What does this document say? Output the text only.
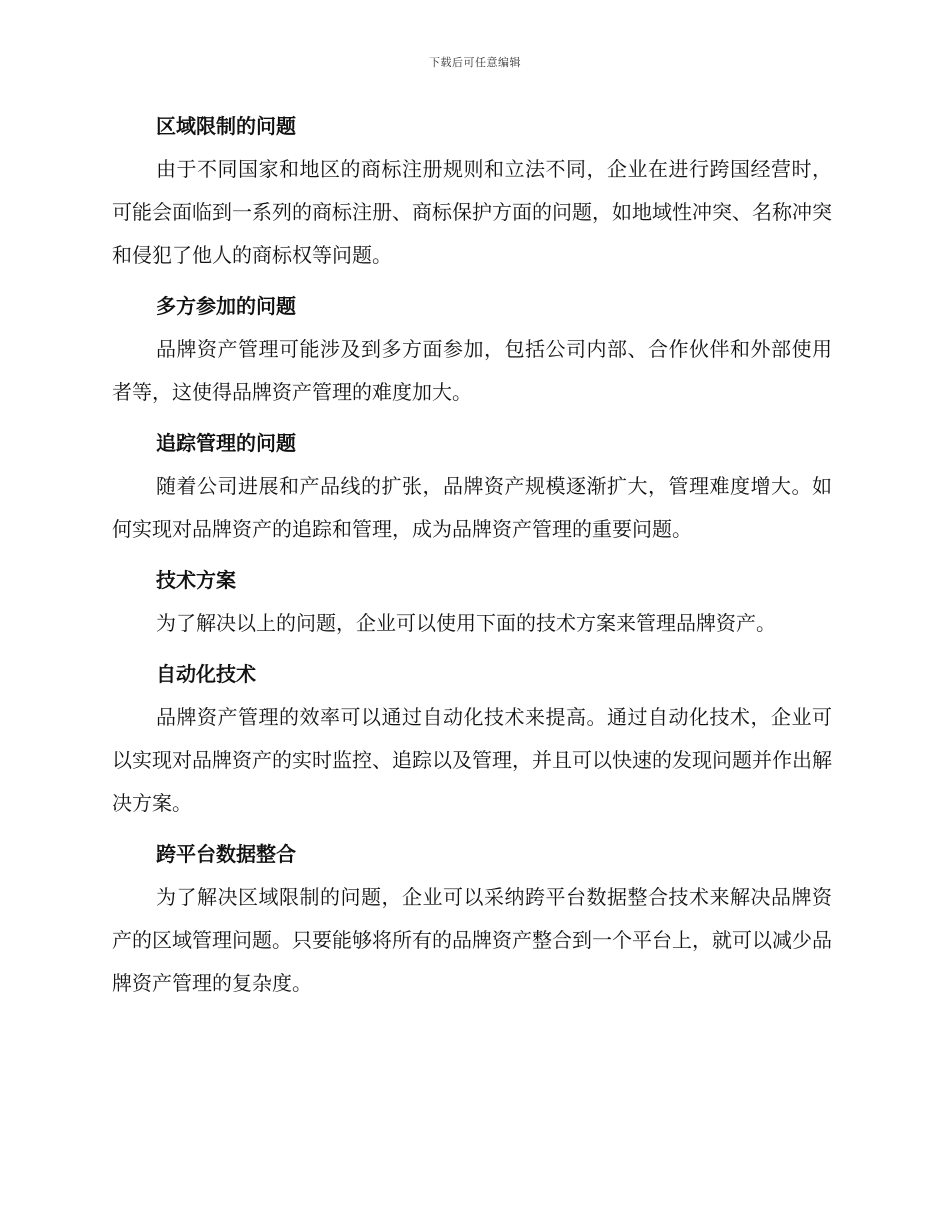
下载后可任意编辑
区域限制的问题

由于不同国家和地区的商标注册规则和立法不同，企业在进行跨国经营时，可能会面临到一系列的商标注册、商标保护方面的问题，如地域性冲突、名称冲突和侵犯了他人的商标权等问题。

多方参加的问题

品牌资产管理可能涉及到多方面参加，包括公司内部、合作伙伴和外部使用者等，这使得品牌资产管理的难度加大。

追踪管理的问题

随着公司进展和产品线的扩张，品牌资产规模逐渐扩大，管理难度增大。如何实现对品牌资产的追踪和管理，成为品牌资产管理的重要问题。

技术方案

为了解决以上的问题，企业可以使用下面的技术方案来管理品牌资产。

自动化技术

品牌资产管理的效率可以通过自动化技术来提高。通过自动化技术，企业可以实现对品牌资产的实时监控、追踪以及管理，并且可以快速的发现问题并作出解决方案。

跨平台数据整合

为了解决区域限制的问题，企业可以采纳跨平台数据整合技术来解决品牌资产的区域管理问题。只要能够将所有的品牌资产整合到一个平台上，就可以减少品牌资产管理的复杂度。
